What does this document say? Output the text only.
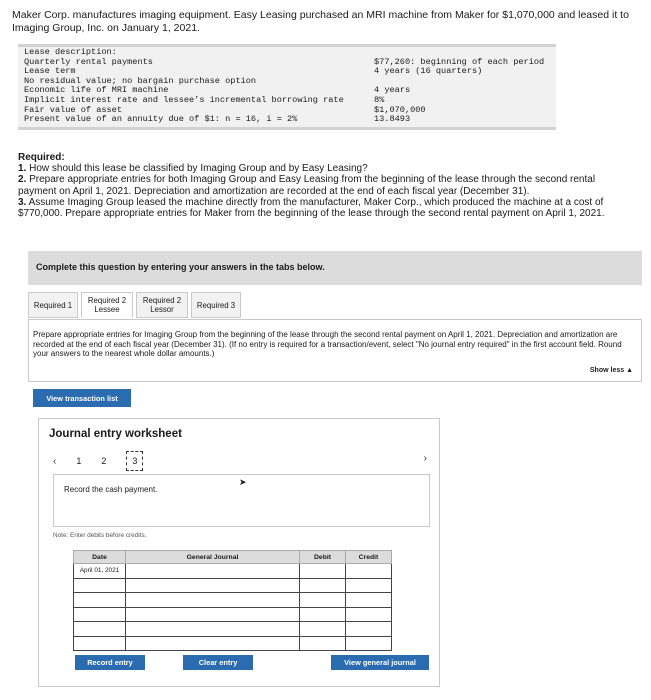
Maker Corp. manufactures imaging equipment. Easy Leasing purchased an MRI machine from Maker for $1,070,000 and leased it to Imaging Group, Inc. on January 1, 2021.
Lease description:
Quarterly rental payments	$77,260: beginning of each period
Lease term	4 years (16 quarters)
No residual value; no bargain purchase option
Economic life of MRI machine	4 years
Implicit interest rate and lessee’s incremental borrowing rate	8%
Fair value of asset	$1,070,000
Present value of an annuity due of $1: n = 16, i = 2%	13.8493

Required:

1. How should this lease be classified by Imaging Group and by Easy Leasing?

2. Prepare appropriate entries for both Imaging Group and Easy Leasing from the beginning of the lease through the second rental payment on April 1, 2021. Depreciation and amortization are recorded at the end of each fiscal year (December 31).

3. Assume Imaging Group leased the machine directly from the manufacturer, Maker Corp., which produced the machine at a cost of $770,000. Prepare appropriate entries for Maker from the beginning of the lease through the second rental payment on April 1, 2021.

Complete this question by entering your answers in the tabs below.
Required 1 Required 2
Lessee
Required 2
Lessor	Required 3
Prepare appropriate entries for Imaging Group from the beginning of the lease through the second rental payment on April 1, 2021. Depreciation and amortization are recorded at the end of each fiscal year (December 31). (If no entry is required for a transaction/event, select "No journal entry required" in the first account field. Round your answers to the nearest whole dollar amounts.)
Show less ▲
View transaction list
Journal entry worksheet
‹ 1 2	3	›
Record the cash payment.
➤
Note: Enter debits before credits.
Date	General Journal	Debit	Credit
April 01, 2021			

Record entry	Clear entry	View general journal
